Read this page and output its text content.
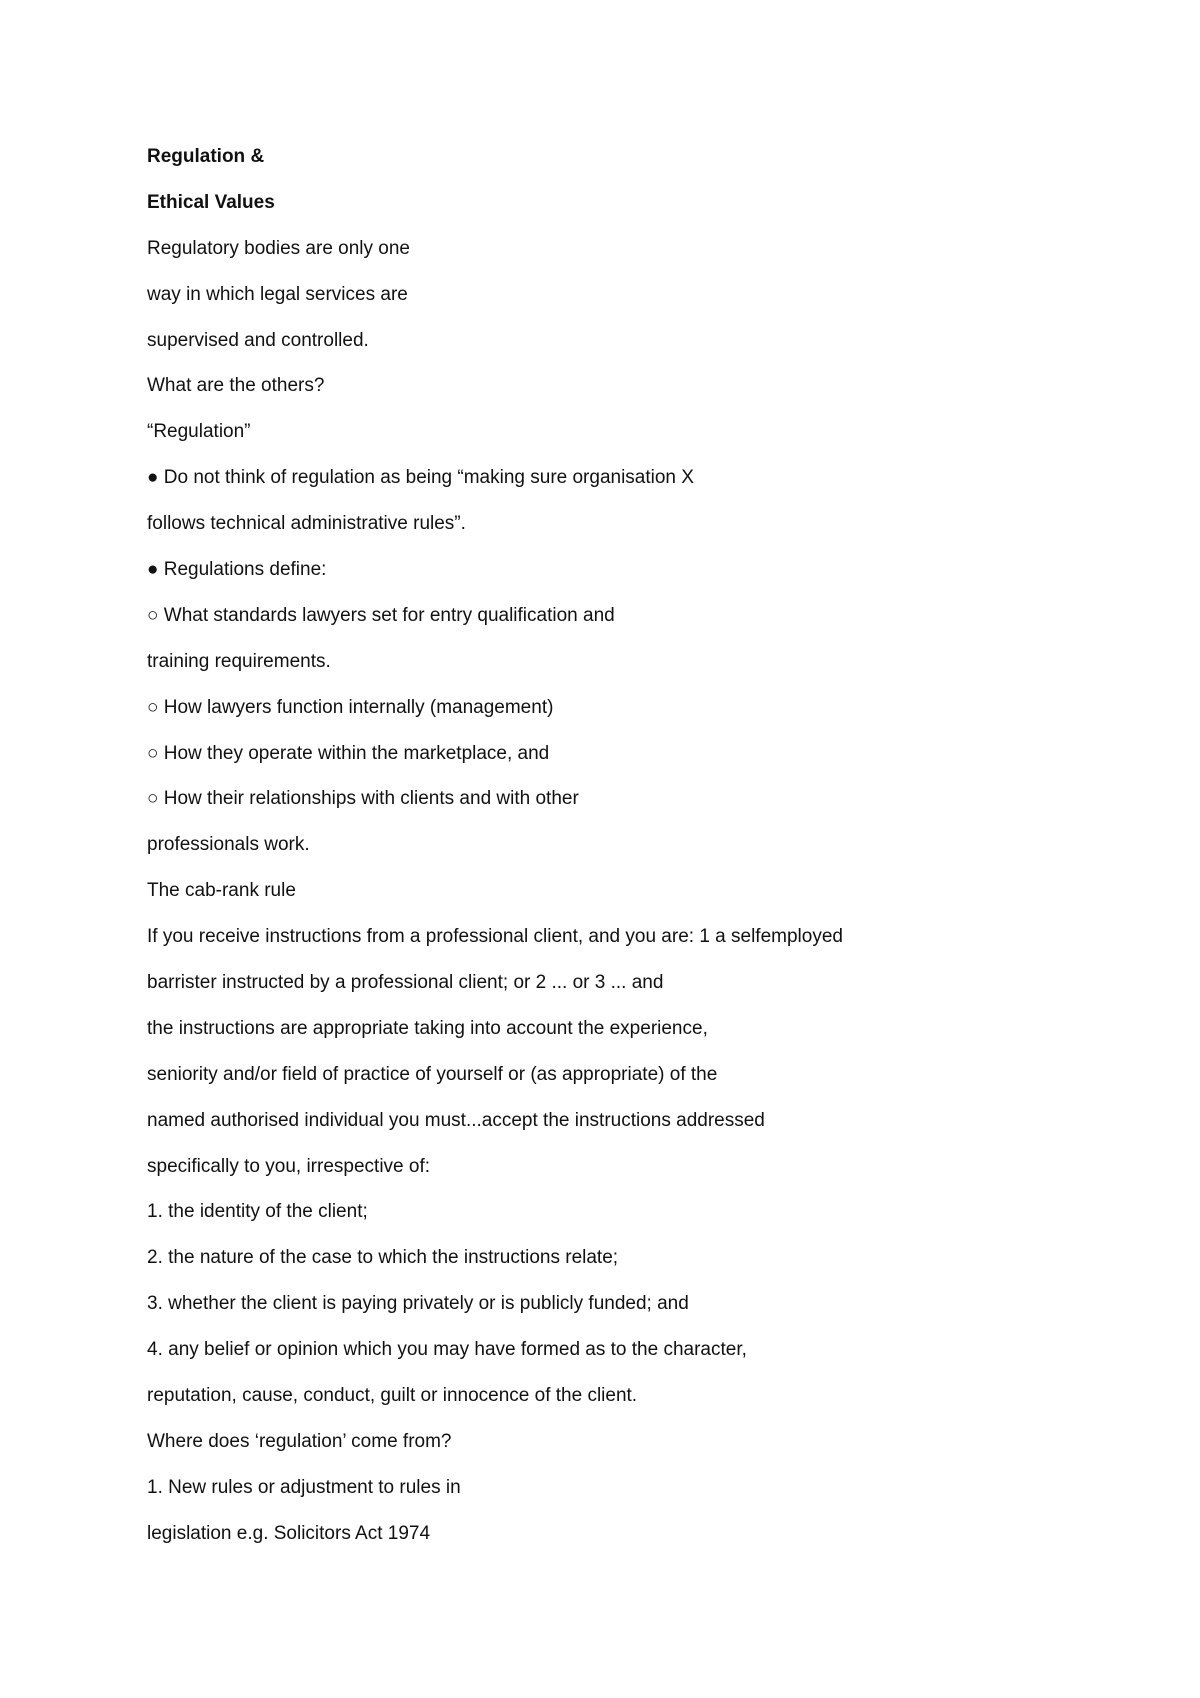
Regulation &
Ethical Values
Regulatory bodies are only one
way in which legal services are
supervised and controlled.
What are the others?
“Regulation”
● Do not think of regulation as being “making sure organisation X
follows technical administrative rules”.
● Regulations define:
○ What standards lawyers set for entry qualification and
training requirements.
○ How lawyers function internally (management)
○ How they operate within the marketplace, and
○ How their relationships with clients and with other
professionals work.
The cab-rank rule
If you receive instructions from a professional client, and you are: 1 a selfemployed
barrister instructed by a professional client; or 2 ... or 3 ... and
the instructions are appropriate taking into account the experience,
seniority and/or field of practice of yourself or (as appropriate) of the
named authorised individual you must...accept the instructions addressed
specifically to you, irrespective of:
1. the identity of the client;
2. the nature of the case to which the instructions relate;
3. whether the client is paying privately or is publicly funded; and
4. any belief or opinion which you may have formed as to the character,
reputation, cause, conduct, guilt or innocence of the client.
Where does ‘regulation’ come from?
1. New rules or adjustment to rules in
legislation e.g. Solicitors Act 1974
